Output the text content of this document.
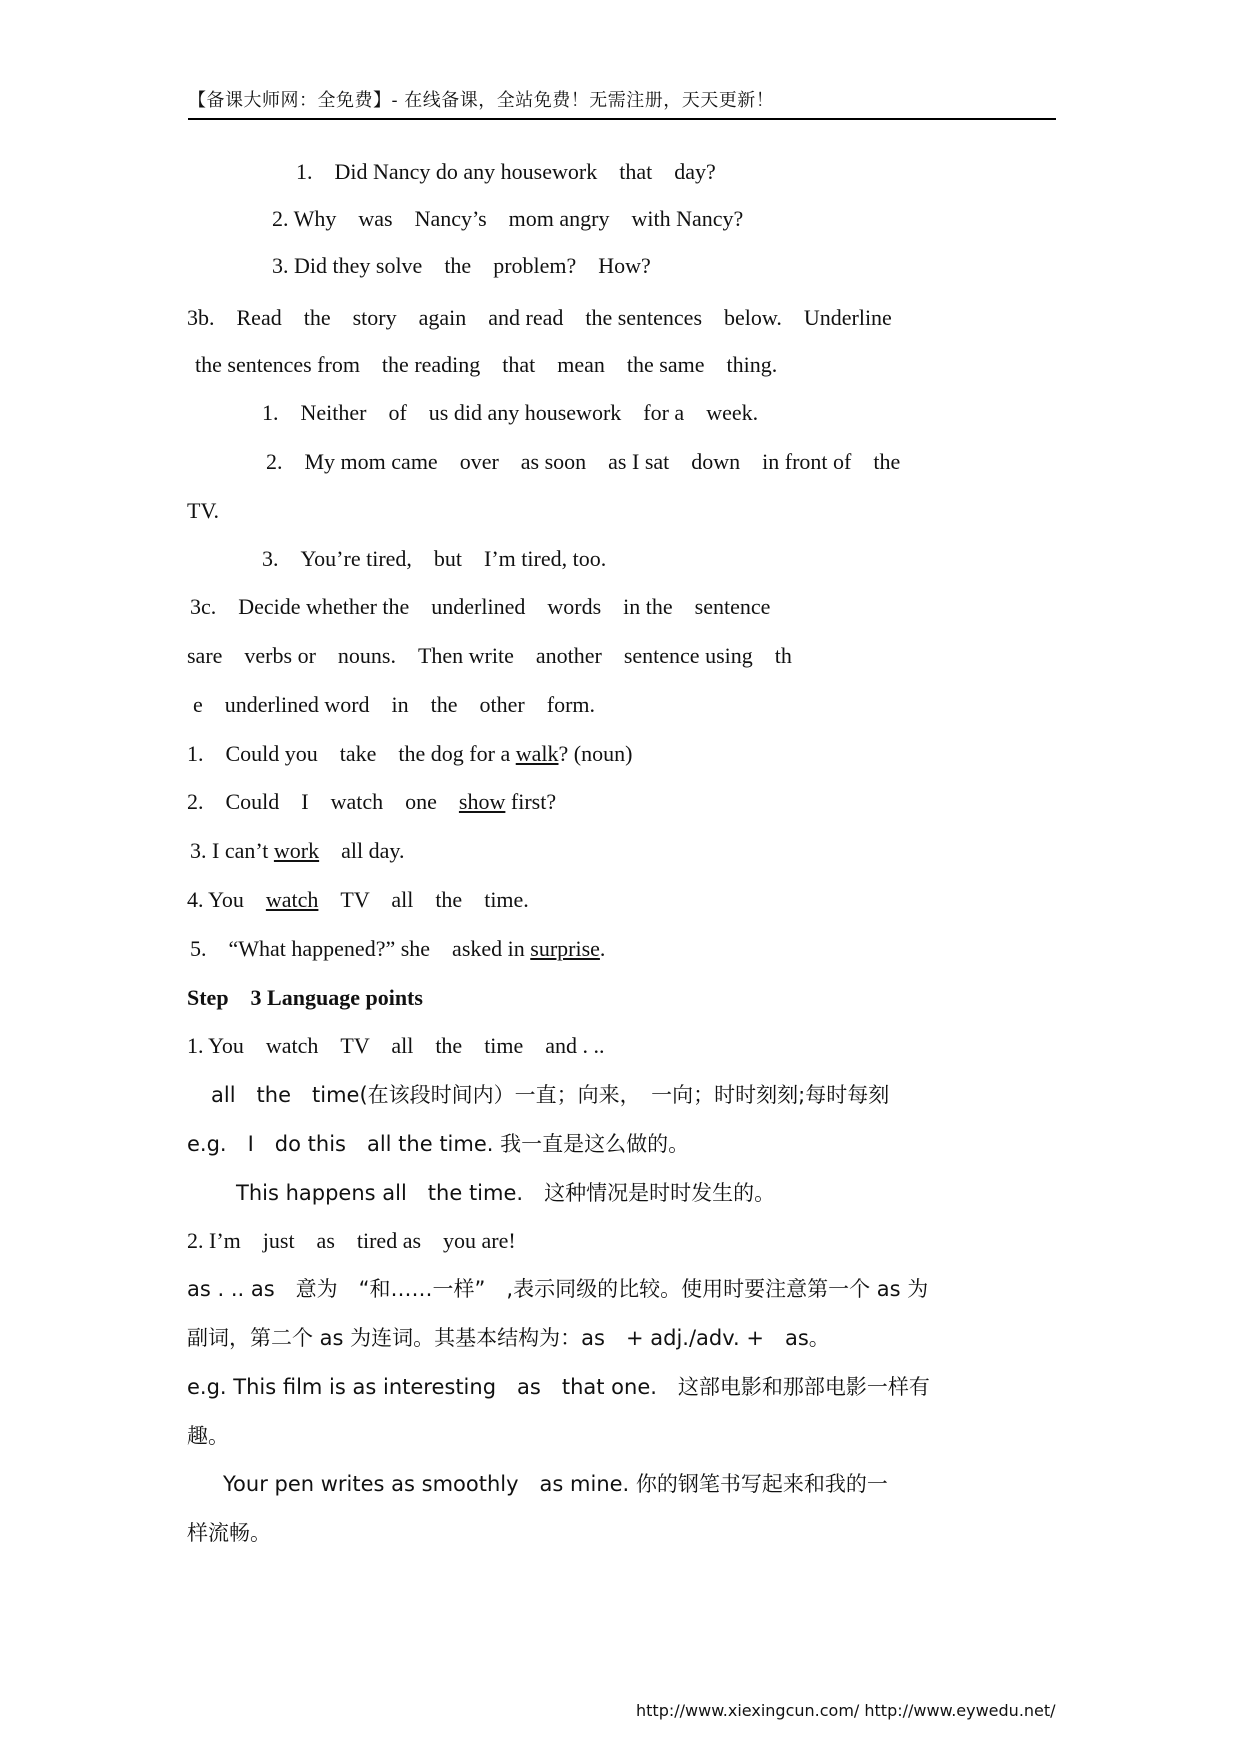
【备课大师网：全免费】- 在线备课，全站免费！无需注册，天天更新！
1.　Did Nancy do any housework　that　day?
2. Why　was　Nancy’s　mom angry　with Nancy?
3. Did they solve　the　problem?　How?
3b.　Read　the　story　again　and read　the sentences　below.　Underline
the sentences from　the reading　that　mean　the same　thing.
1.　Neither　of　us did any housework　for a　week.
2.　My mom came　over　as soon　as I sat　down　in front of　the
TV.
3.　You’re tired,　but　I’m tired, too.
3c.　Decide whether the　underlined　words　in the　sentence
sare　verbs or　nouns.　Then write　another　sentence using　th
e　underlined word　in　the　other　form.
1.　Could you　take　the dog for a walk? (noun)
2.　Could　I　watch　one　show first?
3. I can’t work　all day.
4. You　watch　TV　all　the　time.
5.　“What happened?” she　asked in surprise.
Step　3 Language points
1. You　watch　TV　all　the　time　and . ..
all　the　time(在该段时间内）一直；向来，　一向；时时刻刻;每时每刻
e.g.　I　do this　all the time. 我一直是这么做的。
This happens all　the time.　这种情况是时时发生的。
2. I’m　just　as　tired as　you are!
as . .. as　意为　“和……一样”　,表示同级的比较。使用时要注意第一个 as 为
副词，第二个 as 为连词。其基本结构为：as　+ adj./adv. +　as。
e.g. This film is as interesting　as　that one.　这部电影和那部电影一样有
趣。
Your pen writes as smoothly　as mine. 你的钢笔书写起来和我的一
样流畅。
http://www.xiexingcun.com/ http://www.eywedu.net/
